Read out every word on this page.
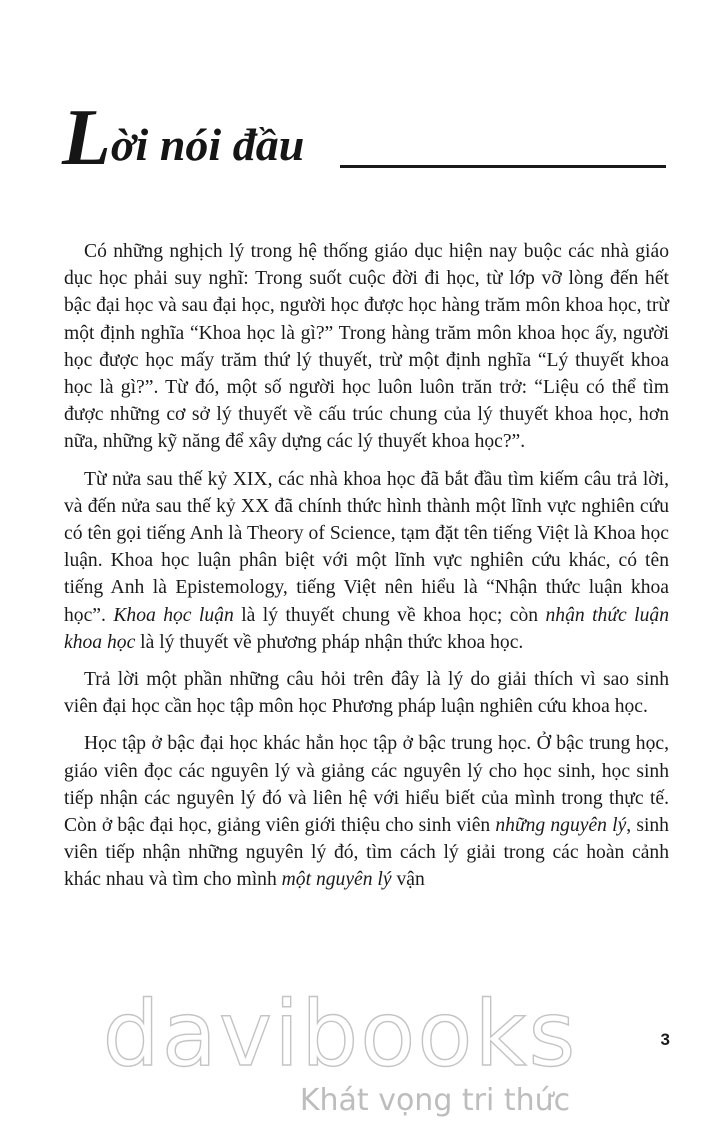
Lời nói đầu

Có những nghịch lý trong hệ thống giáo dục hiện nay buộc các nhà giáo dục học phải suy nghĩ: Trong suốt cuộc đời đi học, từ lớp vỡ lòng đến hết bậc đại học và sau đại học, người học được học hàng trăm môn khoa học, trừ một định nghĩa “Khoa học là gì?” Trong hàng trăm môn khoa học ấy, người học được học mấy trăm thứ lý thuyết, trừ một định nghĩa “Lý thuyết khoa học là gì?”. Từ đó, một số người học luôn luôn trăn trở: “Liệu có thể tìm được những cơ sở lý thuyết về cấu trúc chung của lý thuyết khoa học, hơn nữa, những kỹ năng để xây dựng các lý thuyết khoa học?”.

Từ nửa sau thế kỷ XIX, các nhà khoa học đã bắt đầu tìm kiếm câu trả lời, và đến nửa sau thế kỷ XX đã chính thức hình thành một lĩnh vực nghiên cứu có tên gọi tiếng Anh là Theory of Science, tạm đặt tên tiếng Việt là Khoa học luận. Khoa học luận phân biệt với một lĩnh vực nghiên cứu khác, có tên tiếng Anh là Epistemology, tiếng Việt nên hiểu là “Nhận thức luận khoa học”. Khoa học luận là lý thuyết chung về khoa học; còn nhận thức luận khoa học là lý thuyết về phương pháp nhận thức khoa học.

Trả lời một phần những câu hỏi trên đây là lý do giải thích vì sao sinh viên đại học cần học tập môn học Phương pháp luận nghiên cứu khoa học.

Học tập ở bậc đại học khác hẳn học tập ở bậc trung học. Ở bậc trung học, giáo viên đọc các nguyên lý và giảng các nguyên lý cho học sinh, học sinh tiếp nhận các nguyên lý đó và liên hệ với hiểu biết của mình trong thực tế. Còn ở bậc đại học, giảng viên giới thiệu cho sinh viên những nguyên lý, sinh viên tiếp nhận những nguyên lý đó, tìm cách lý giải trong các hoàn cảnh khác nhau và tìm cho mình một nguyên lý vận

3
davibooks
Khát vọng tri thức
